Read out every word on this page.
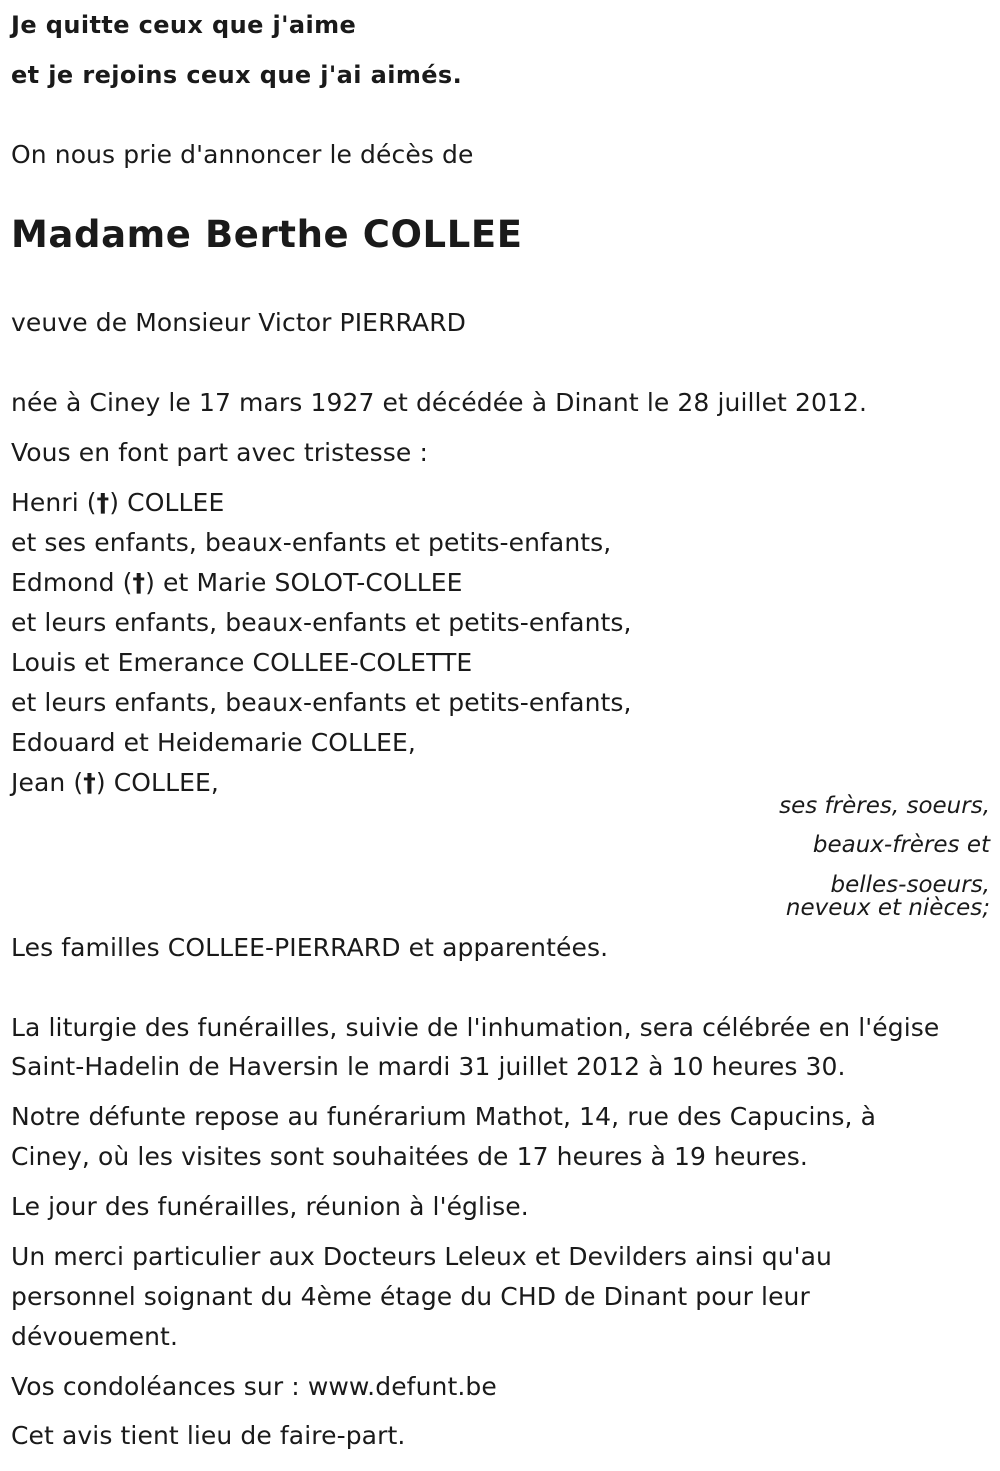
Je quitte ceux que j'aime
et je rejoins ceux que j'ai aimés.
On nous prie d'annoncer le décès de
Madame Berthe COLLEE
veuve de Monsieur Victor PIERRARD
née à Ciney le 17 mars 1927 et décédée à Dinant le 28 juillet 2012.
Vous en font part avec tristesse :
Henri (†) COLLEE
et ses enfants, beaux-enfants et petits-enfants,
Edmond (†) et Marie SOLOT-COLLEE
et leurs enfants, beaux-enfants et petits-enfants,
Louis et Emerance COLLEE-COLETTE
et leurs enfants, beaux-enfants et petits-enfants,
Edouard et Heidemarie COLLEE,
Jean (†) COLLEE,
ses frères, soeurs,
beaux-frères et
belles-soeurs,
neveux et nièces;
Les familles COLLEE-PIERRARD et apparentées.
La liturgie des funérailles, suivie de l'inhumation, sera célébrée en l'égise
Saint-Hadelin de Haversin le mardi 31 juillet 2012 à 10 heures 30.
Notre défunte repose au funérarium Mathot, 14, rue des Capucins, à
Ciney, où les visites sont souhaitées de 17 heures à 19 heures.
Le jour des funérailles, réunion à l'église.
Un merci particulier aux Docteurs Leleux et Devilders ainsi qu'au
personnel soignant du 4ème étage du CHD de Dinant pour leur
dévouement.
Vos condoléances sur : www.defunt.be
Cet avis tient lieu de faire-part.
